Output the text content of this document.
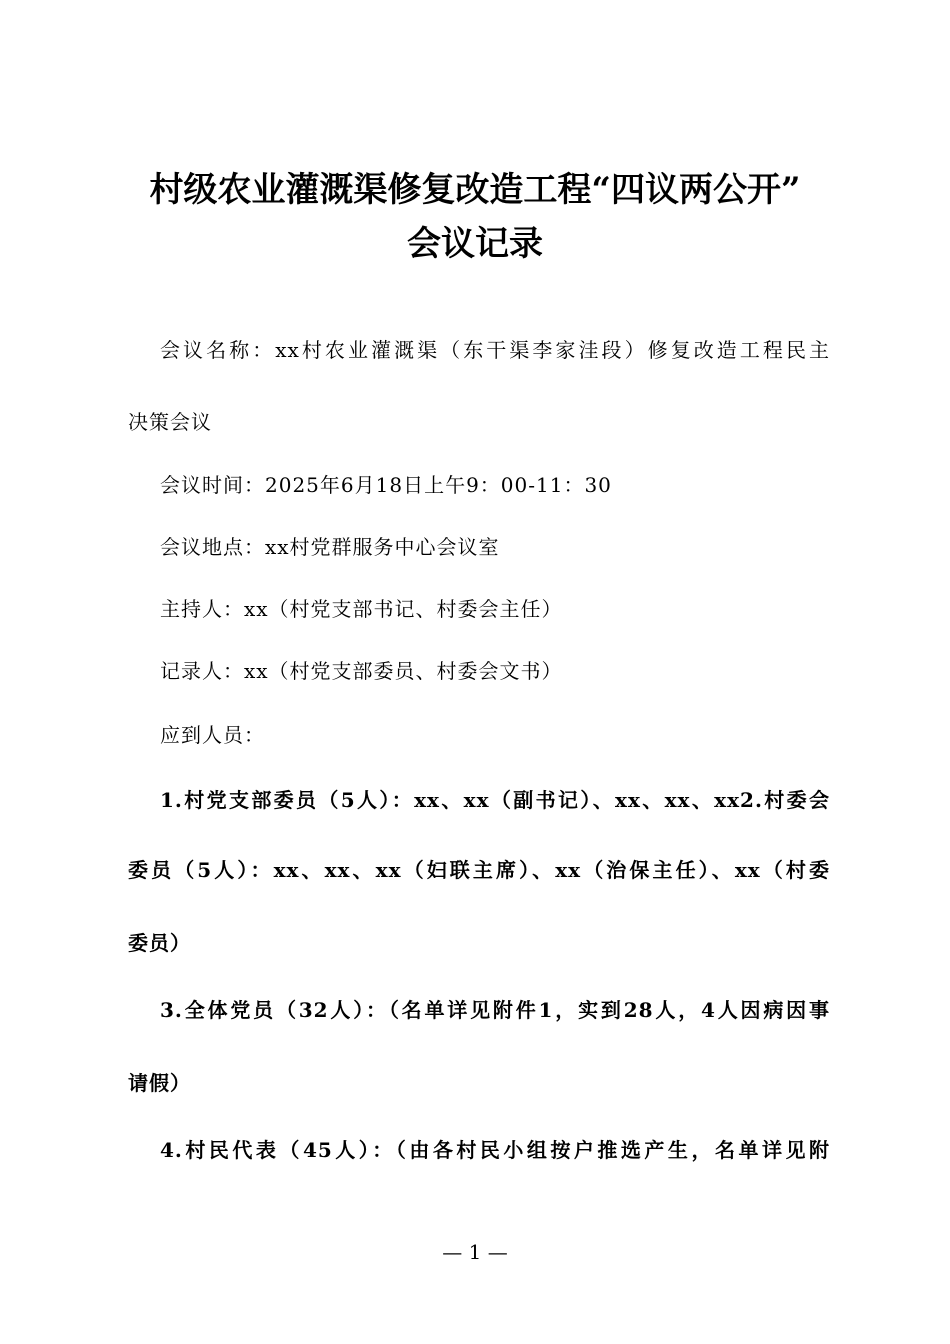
村级农业灌溉渠修复改造工程“四议两公开”
会议记录
会议名称：xx村农业灌溉渠（东干渠李家洼段）修复改造工程民主
决策会议
会议时间：2025年6月18日上午9：00-11：30
会议地点：xx村党群服务中心会议室
主持人：xx（村党支部书记、村委会主任）
记录人：xx（村党支部委员、村委会文书）
应到人员：
1.村党支部委员（5人）：xx、xx（副书记）、xx、xx、xx2.村委会
委员（5人）：xx、xx、xx（妇联主席）、xx（治保主任）、xx（村委
委员）
3.全体党员（32人）：（名单详见附件1，实到28人，4人因病因事
请假）
4.村民代表（45人）：（由各村民小组按户推选产生，名单详见附
— 1 —
